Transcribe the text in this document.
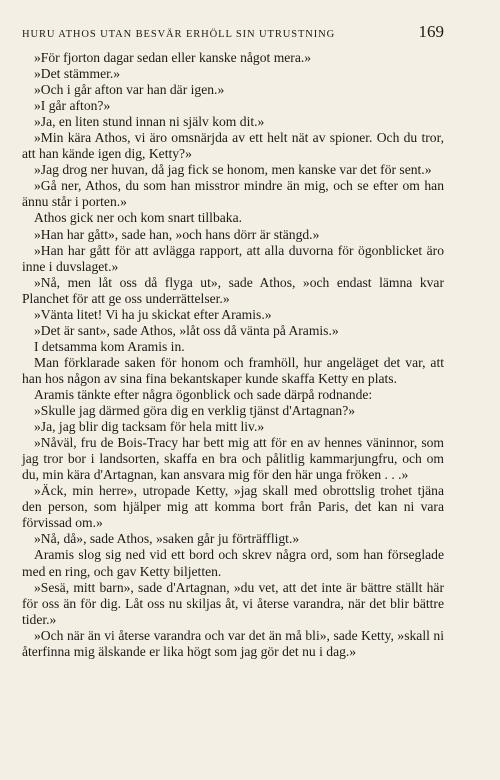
HURU ATHOS UTAN BESVÄR ERHÖLL SIN UTRUSTNING	169

»För fjorton dagar sedan eller kanske något mera.»

»Det stämmer.»

»Och i går afton var han där igen.»

»I går afton?»

»Ja, en liten stund innan ni själv kom dit.»

»Min kära Athos, vi äro omsnärjda av ett helt nät av spioner. Och du tror, att han kände igen dig, Ketty?»

»Jag drog ner huvan, då jag fick se honom, men kanske var det för sent.»

»Gå ner, Athos, du som han misstror mindre än mig, och se efter om han ännu står i porten.»

Athos gick ner och kom snart tillbaka.

»Han har gått», sade han, »och hans dörr är stängd.»

»Han har gått för att avlägga rapport, att alla duvorna för ögonblicket äro inne i duvslaget.»

»Nå, men låt oss då flyga ut», sade Athos, »och endast lämna kvar Planchet för att ge oss underrättelser.»

»Vänta litet! Vi ha ju skickat efter Aramis.»

»Det är sant», sade Athos, »låt oss då vänta på Aramis.»

I detsamma kom Aramis in.

Man förklarade saken för honom och framhöll, hur angeläget det var, att han hos någon av sina fina bekantskaper kunde skaffa Ketty en plats.

Aramis tänkte efter några ögonblick och sade därpå rodnande:

»Skulle jag därmed göra dig en verklig tjänst d'Artagnan?»

»Ja, jag blir dig tacksam för hela mitt liv.»

»Nåväl, fru de Bois-Tracy har bett mig att för en av hennes väninnor, som jag tror bor i landsorten, skaffa en bra och pålitlig kammarjungfru, och om du, min kära d'Artagnan, kan ansvara mig för den här unga fröken . . .»

»Äck, min herre», utropade Ketty, »jag skall med obrottslig trohet tjäna den person, som hjälper mig att komma bort från Paris, det kan ni vara förvissad om.»

»Nå, då», sade Athos, »saken går ju förträffligt.»

Aramis slog sig ned vid ett bord och skrev några ord, som han förseglade med en ring, och gav Ketty biljetten.

»Sesä, mitt barn», sade d'Artagnan, »du vet, att det inte är bättre ställt här för oss än för dig. Låt oss nu skiljas åt, vi återse varandra, när det blir bättre tider.»

»Och när än vi återse varandra och var det än må bli», sade Ketty, »skall ni återfinna mig älskande er lika högt som jag gör det nu i dag.»
